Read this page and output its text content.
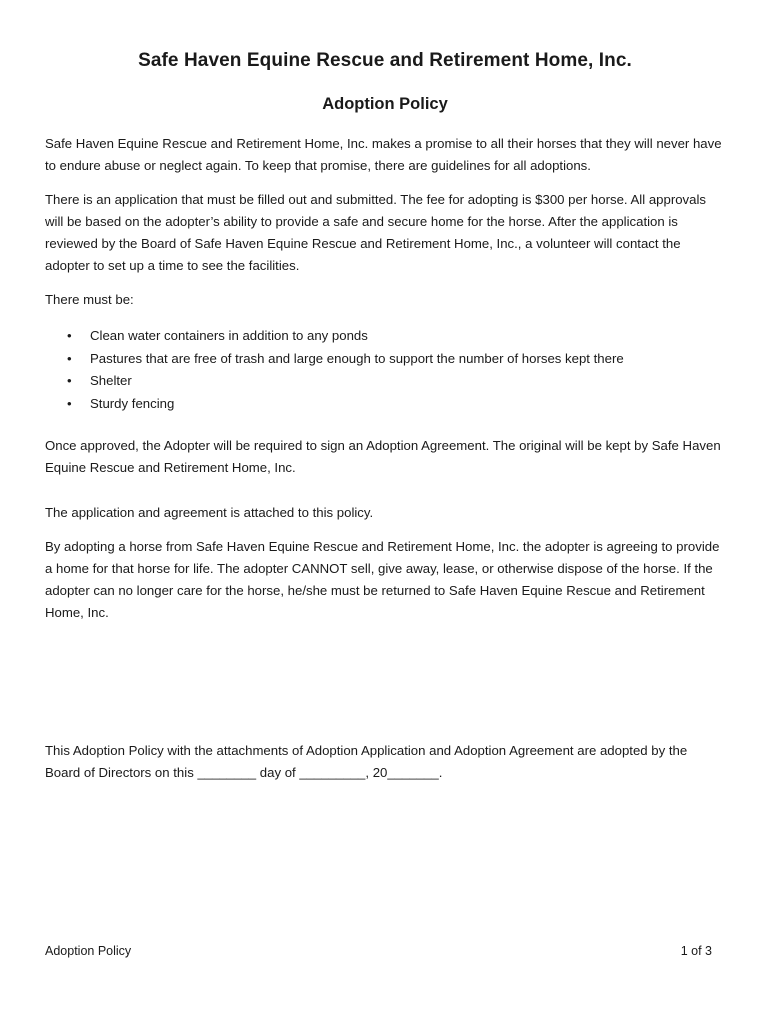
Safe Haven Equine Rescue and Retirement Home, Inc.
Adoption Policy

Safe Haven Equine Rescue and Retirement Home, Inc. makes a promise to all their horses that they will never have to endure abuse or neglect again. To keep that promise, there are guidelines for all adoptions.

There is an application that must be filled out and submitted. The fee for adopting is $300 per horse. All approvals will be based on the adopter’s ability to provide a safe and secure home for the horse. After the application is reviewed by the Board of Safe Haven Equine Rescue and Retirement Home, Inc., a volunteer will contact the adopter to set up a time to see the facilities.

There must be:

• Clean water containers in addition to any ponds
• Pastures that are free of trash and large enough to support the number of horses kept there
• Shelter
• Sturdy fencing

Once approved, the Adopter will be required to sign an Adoption Agreement. The original will be kept by Safe Haven Equine Rescue and Retirement Home, Inc.

The application and agreement is attached to this policy.

By adopting a horse from Safe Haven Equine Rescue and Retirement Home, Inc. the adopter is agreeing to provide a home for that horse for life. The adopter CANNOT sell, give away, lease, or otherwise dispose of the horse. If the adopter can no longer care for the horse, he/she must be returned to Safe Haven Equine Rescue and Retirement Home, Inc.

This Adoption Policy with the attachments of Adoption Application and Adoption Agreement are adopted by the Board of Directors on this ________ day of _________, 20_______.

Adoption Policy	1 of 3
